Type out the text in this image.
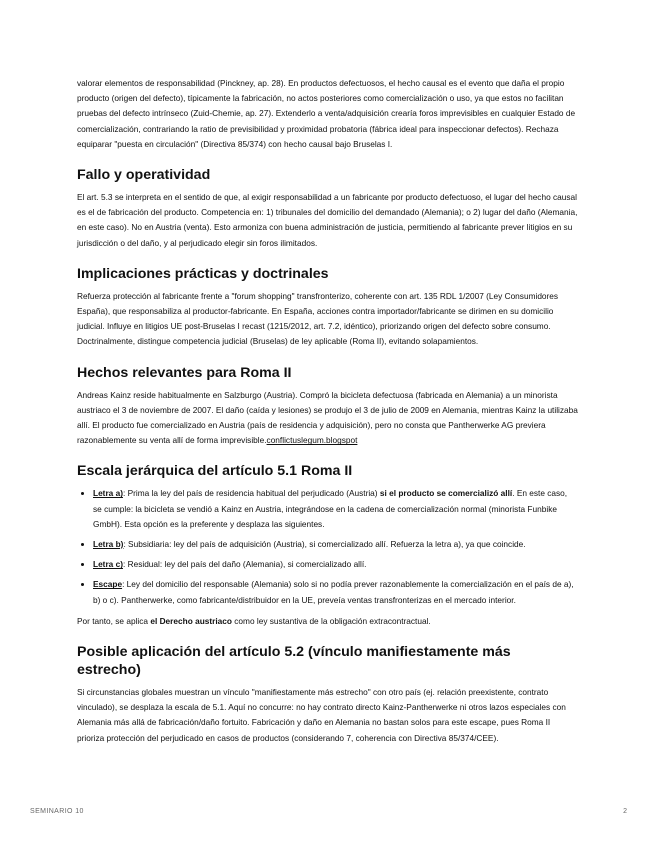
valorar elementos de responsabilidad (Pinckney, ap. 28). En productos defectuosos, el hecho causal es el evento que daña el propio producto (origen del defecto), típicamente la fabricación, no actos posteriores como comercialización o uso, ya que estos no facilitan pruebas del defecto intrínseco (Zuid-Chemie, ap. 27). Extenderlo a venta/adquisición crearía foros imprevisibles en cualquier Estado de comercialización, contrariando la ratio de previsibilidad y proximidad probatoria (fábrica ideal para inspeccionar defectos). Rechaza equiparar "puesta en circulación" (Directiva 85/374) con hecho causal bajo Bruselas I.

Fallo y operatividad

El art. 5.3 se interpreta en el sentido de que, al exigir responsabilidad a un fabricante por producto defectuoso, el lugar del hecho causal es el de fabricación del producto. Competencia en: 1) tribunales del domicilio del demandado (Alemania); o 2) lugar del daño (Alemania, en este caso). No en Austria (venta). Esto armoniza con buena administración de justicia, permitiendo al fabricante prever litigios en su jurisdicción o del daño, y al perjudicado elegir sin foros ilimitados.

Implicaciones prácticas y doctrinales

Refuerza protección al fabricante frente a "forum shopping" transfronterizo, coherente con art. 135 RDL 1/2007 (Ley Consumidores España), que responsabiliza al productor-fabricante. En España, acciones contra importador/fabricante se dirimen en su domicilio judicial. Influye en litigios UE post-Bruselas I recast (1215/2012, art. 7.2, idéntico), priorizando origen del defecto sobre consumo. Doctrinalmente, distingue competencia judicial (Bruselas) de ley aplicable (Roma II), evitando solapamientos.

Hechos relevantes para Roma II

Andreas Kainz reside habitualmente en Salzburgo (Austria). Compró la bicicleta defectuosa (fabricada en Alemania) a un minorista austriaco el 3 de noviembre de 2007. El daño (caída y lesiones) se produjo el 3 de julio de 2009 en Alemania, mientras Kainz la utilizaba allí. El producto fue comercializado en Austria (país de residencia y adquisición), pero no consta que Pantherwerke AG previera razonablemente su venta allí de forma imprevisible.conflictuslegum.blogspot

Escala jerárquica del artículo 5.1 Roma II
• Letra a): Prima la ley del país de residencia habitual del perjudicado (Austria) si el producto se comercializó allí. En este caso, se cumple: la bicicleta se vendió a Kainz en Austria, integrándose en la cadena de comercialización normal (minorista Funbike GmbH). Esta opción es la preferente y desplaza las siguientes.
• Letra b): Subsidiaria: ley del país de adquisición (Austria), si comercializado allí. Refuerza la letra a), ya que coincide.
• Letra c): Residual: ley del país del daño (Alemania), si comercializado allí.
• Escape: Ley del domicilio del responsable (Alemania) solo si no podía prever razonablemente la comercialización en el país de a), b) o c). Pantherwerke, como fabricante/distribuidor en la UE, preveía ventas transfronterizas en el mercado interior.

Por tanto, se aplica el Derecho austriaco como ley sustantiva de la obligación extracontractual.

Posible aplicación del artículo 5.2 (vínculo manifiestamente más estrecho)

Si circunstancias globales muestran un vínculo "manifiestamente más estrecho" con otro país (ej. relación preexistente, contrato vinculado), se desplaza la escala de 5.1. Aquí no concurre: no hay contrato directo Kainz-Pantherwerke ni otros lazos especiales con Alemania más allá de fabricación/daño fortuito. Fabricación y daño en Alemania no bastan solos para este escape, pues Roma II prioriza protección del perjudicado en casos de productos (considerando 7, coherencia con Directiva 85/374/CEE).

SEMINARIO 10	2
